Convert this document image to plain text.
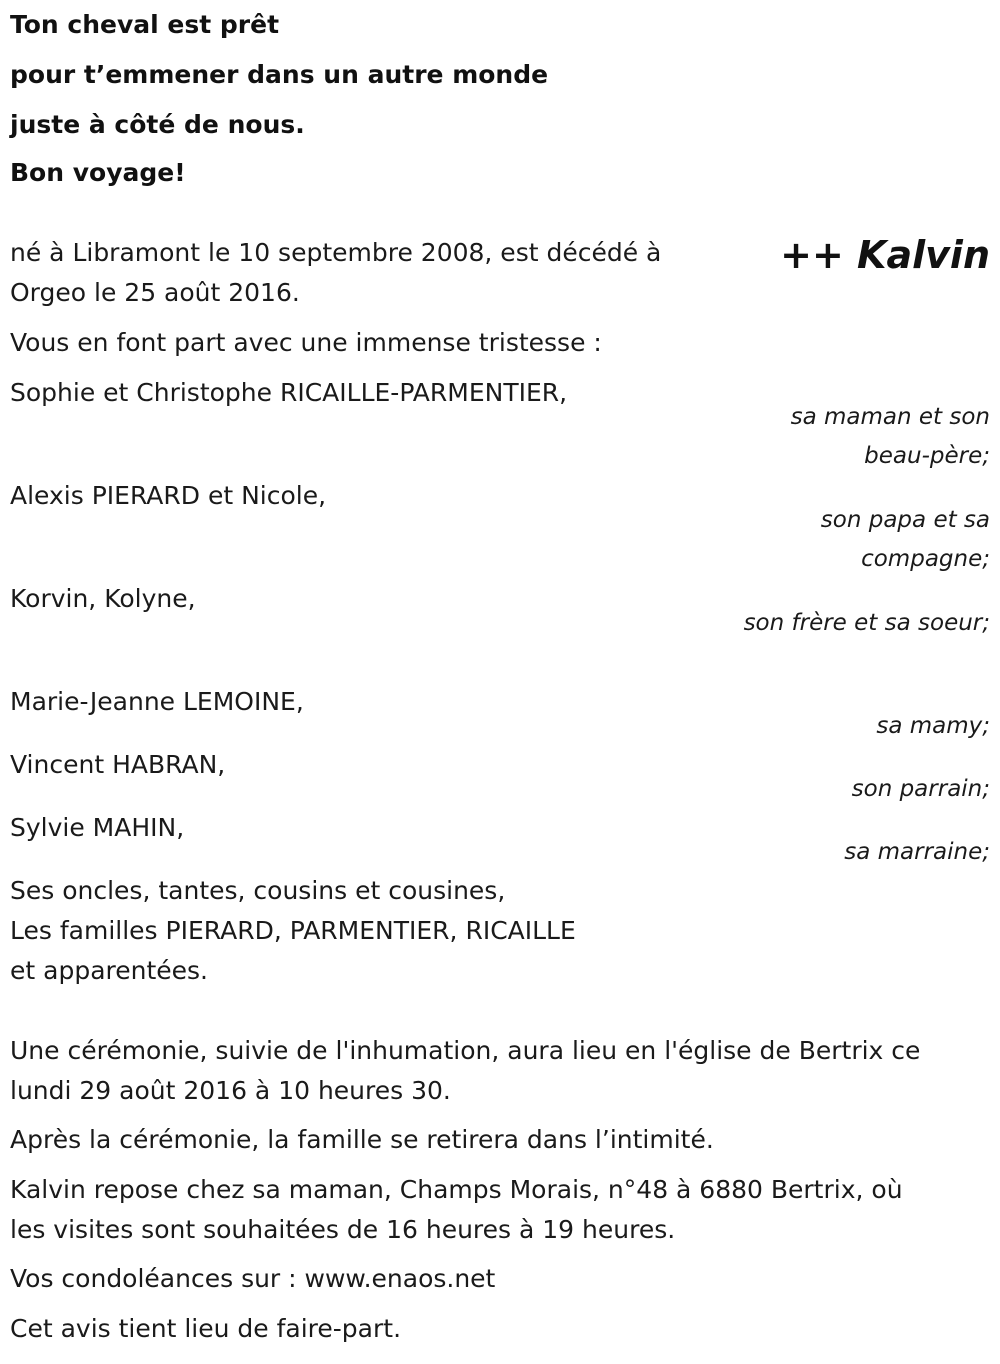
Ton cheval est prêt
pour t’emmener dans un autre monde
juste à côté de nous.
Bon voyage!
++ Kalvin
né à Libramont le 10 septembre 2008, est décédé à
Orgeo le 25 août 2016.
Vous en font part avec une immense tristesse :
Sophie et Christophe RICAILLE-PARMENTIER,
sa maman et son beau-père;
Alexis PIERARD et Nicole,
son papa et sa compagne;
Korvin, Kolyne,
son frère et sa soeur;
Marie-Jeanne LEMOINE,
sa mamy;
Vincent HABRAN,
son parrain;
Sylvie MAHIN,
sa marraine;
Ses oncles, tantes, cousins et cousines,
Les familles PIERARD, PARMENTIER, RICAILLE
et apparentées.
Une cérémonie, suivie de l'inhumation, aura lieu en l'église de Bertrix ce
lundi 29 août 2016 à 10 heures 30.
Après la cérémonie, la famille se retirera dans l’intimité.
Kalvin repose chez sa maman, Champs Morais, n°48 à 6880 Bertrix, où
les visites sont souhaitées de 16 heures à 19 heures.
Vos condoléances sur : www.enaos.net
Cet avis tient lieu de faire-part.
